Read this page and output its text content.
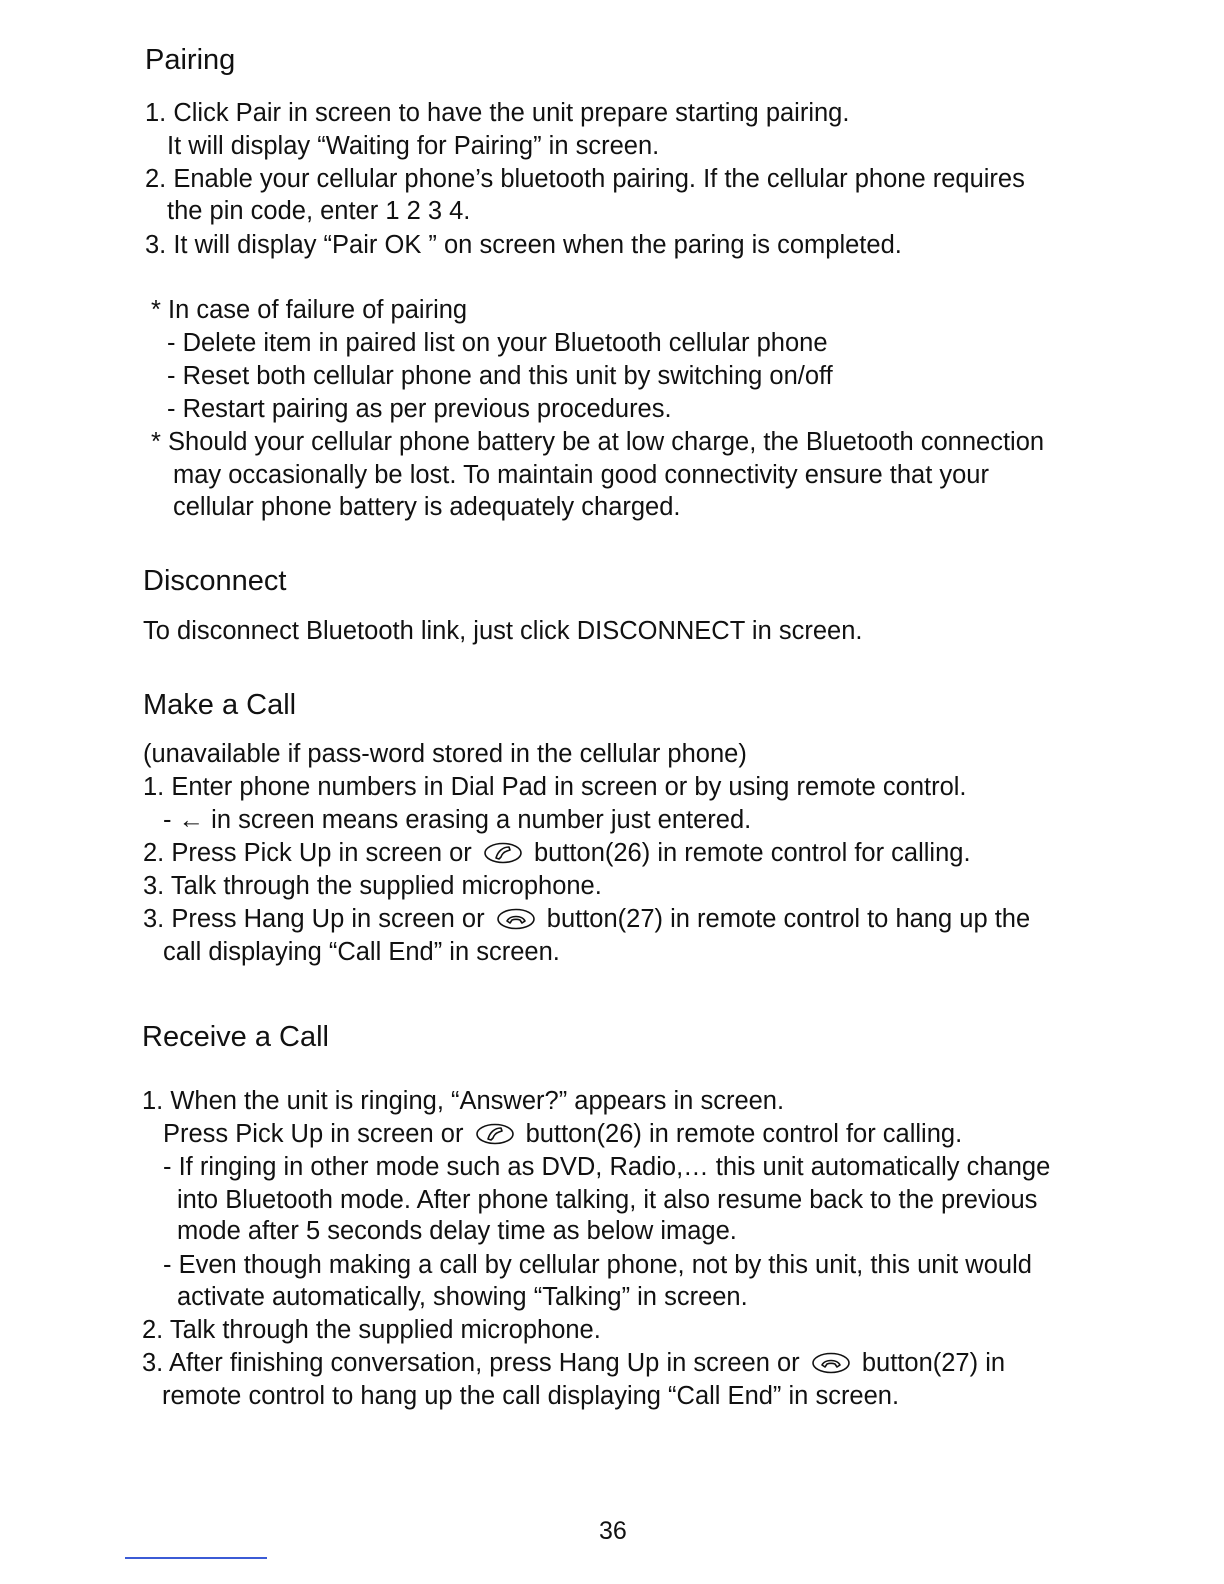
Pairing
1. Click Pair in screen to have the unit prepare starting pairing.
It will display “Waiting for Pairing” in screen.
2. Enable your cellular phone’s bluetooth pairing. If the cellular phone requires
the pin code, enter 1 2 3 4.
3. It will display “Pair OK ” on screen when the paring is completed.
* In case of failure of pairing
- Delete item in paired list on your Bluetooth cellular phone
- Reset both cellular phone and this unit by switching on/off
- Restart pairing as per previous procedures.
* Should your cellular phone battery be at low charge, the Bluetooth connection
may occasionally be lost. To maintain good connectivity ensure that your
cellular phone battery is adequately charged.
Disconnect
To disconnect Bluetooth link, just click DISCONNECT in screen.
Make a Call
(unavailable if pass-word stored in the cellular phone)
1. Enter phone numbers in Dial Pad in screen or by using remote control.
- ← in screen means erasing a number just entered.
2. Press Pick Up in screen or button(26) in remote control for calling.
3. Talk through the supplied microphone.
3. Press Hang Up in screen or button(27) in remote control to hang up the
call displaying “Call End” in screen.
Receive a Call
1. When the unit is ringing, “Answer?” appears in screen.
Press Pick Up in screen or button(26) in remote control for calling.
- If ringing in other mode such as DVD, Radio,… this unit automatically change
into Bluetooth mode. After phone talking, it also resume back to the previous
mode after 5 seconds delay time as below image.
- Even though making a call by cellular phone, not by this unit, this unit would
activate automatically, showing “Talking” in screen.
2. Talk through the supplied microphone.
3. After finishing conversation, press Hang Up in screen or button(27) in
remote control to hang up the call displaying “Call End” in screen.
36
